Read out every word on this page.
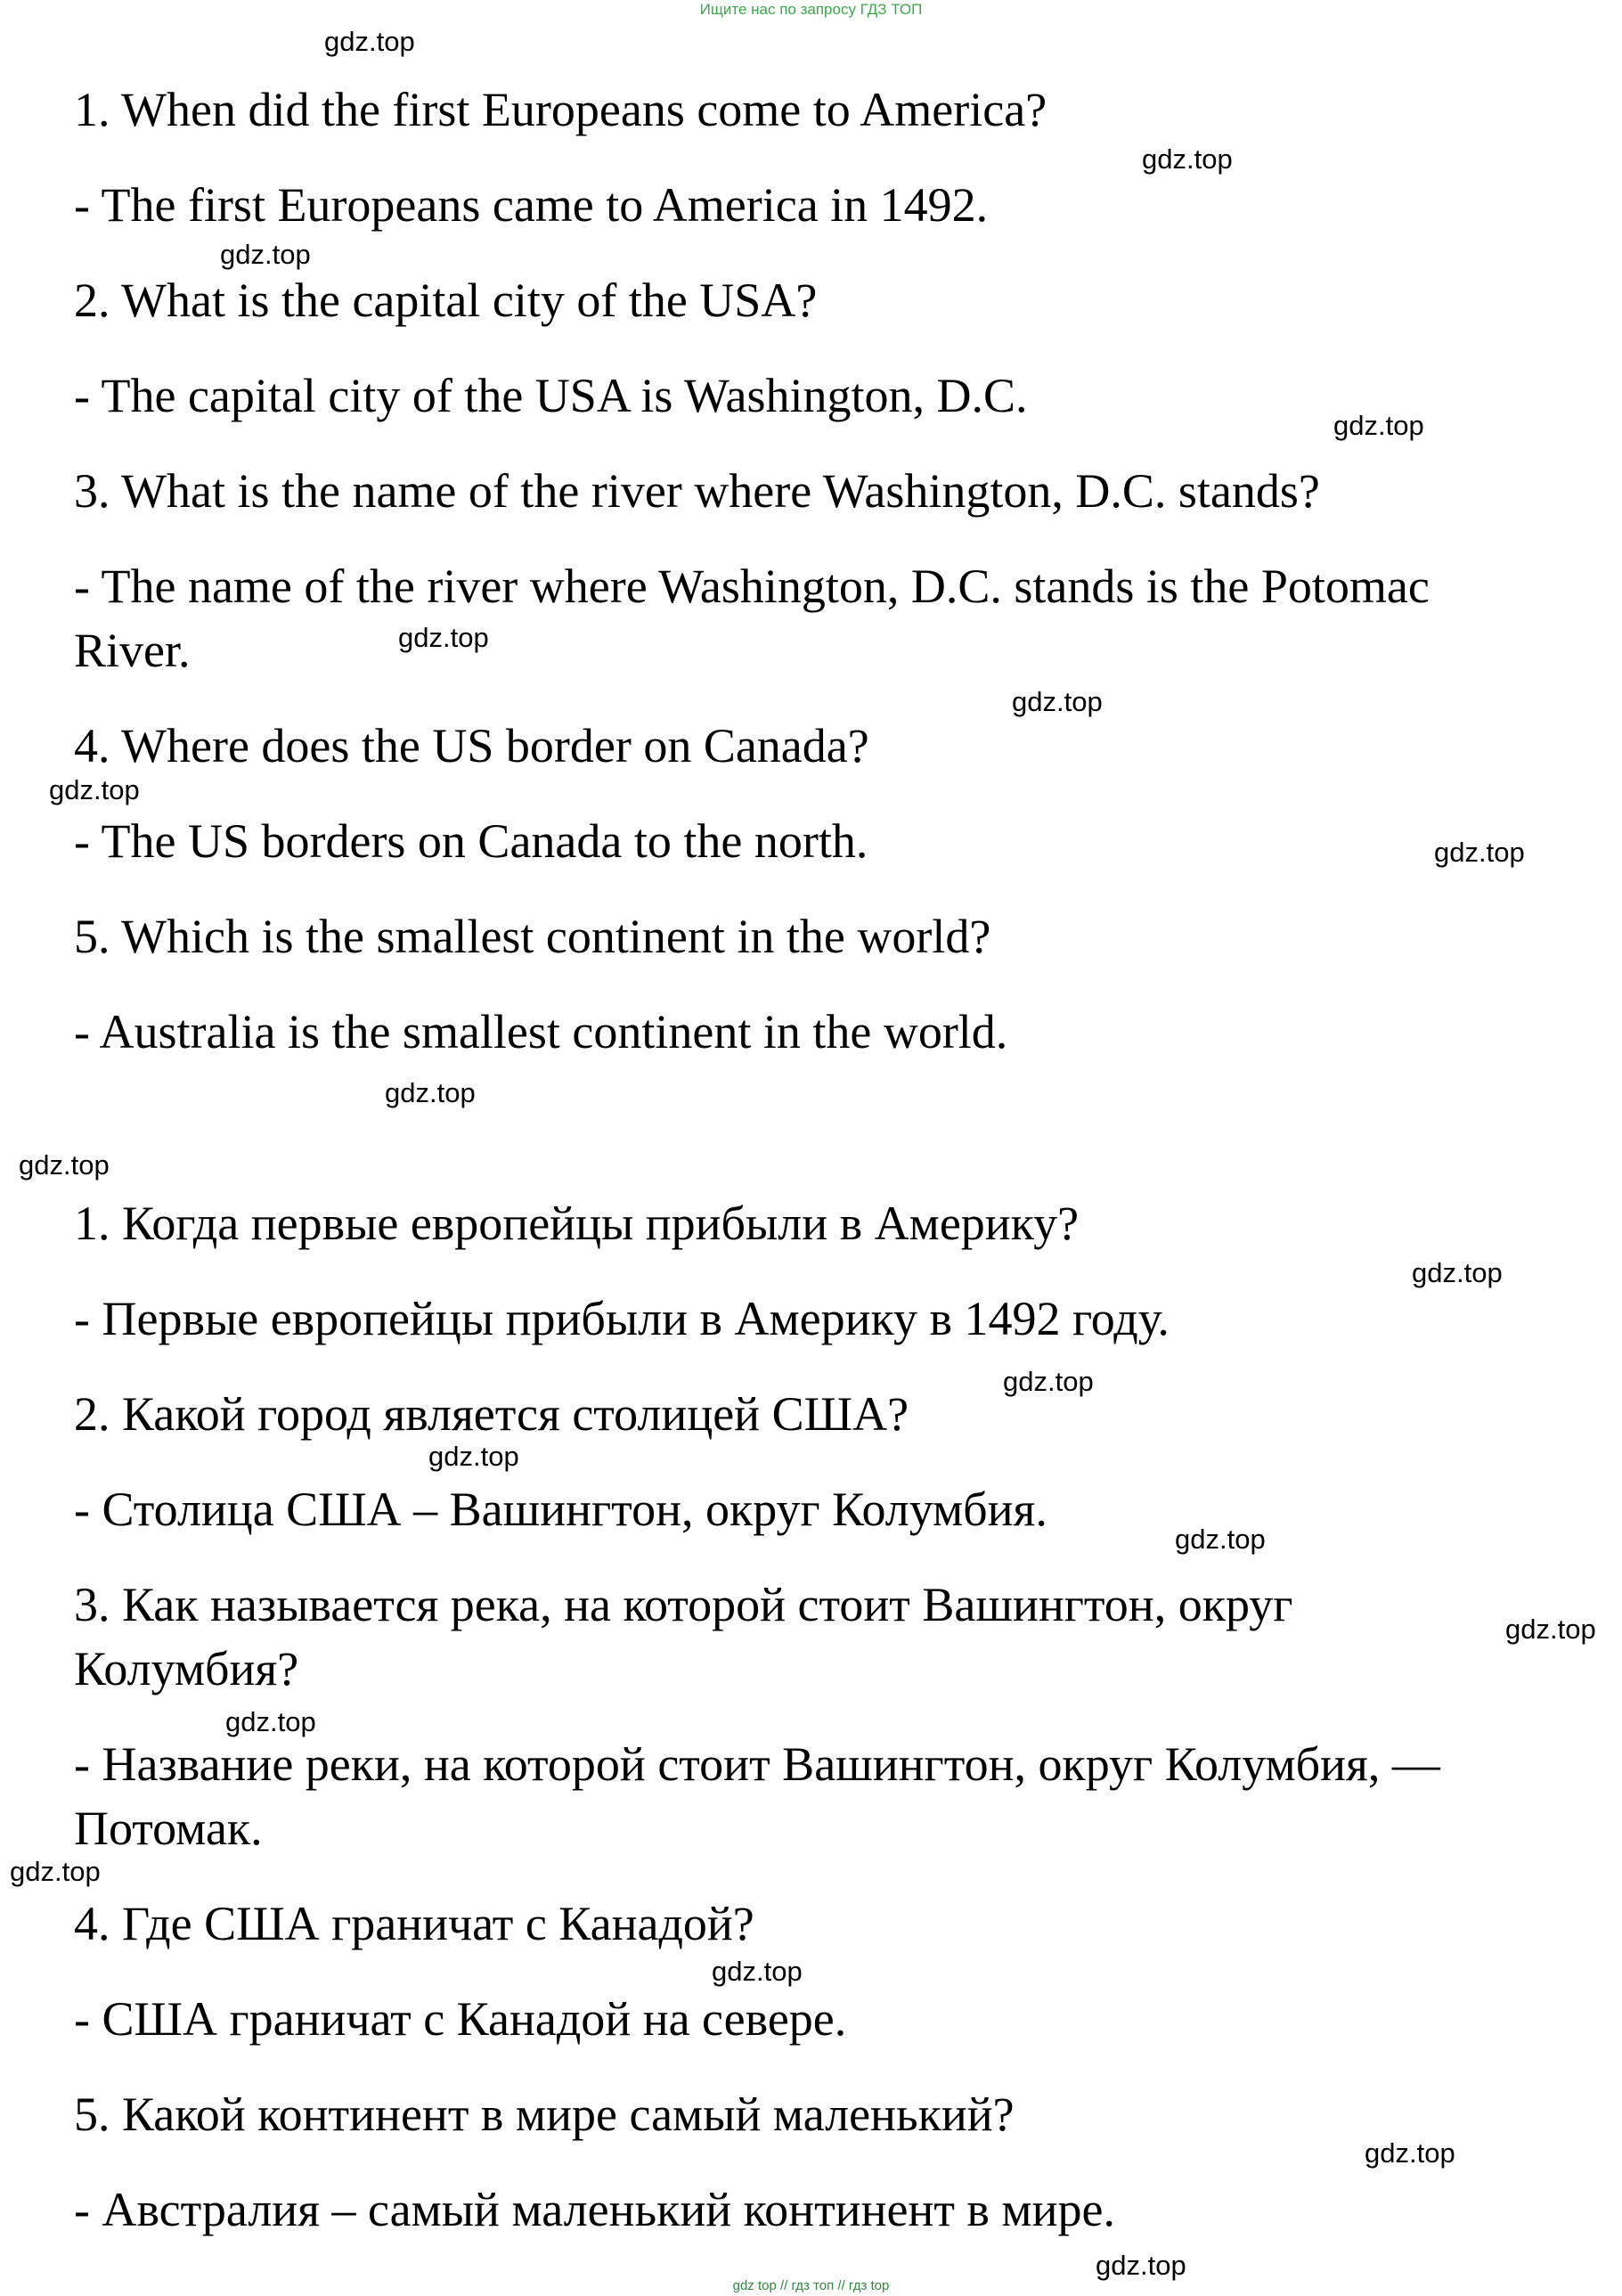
Ищите нас по запросу ГДЗ ТОП

1. When did the first Europeans come to America?

- The first Europeans came to America in 1492.

2. What is the capital city of the USA?

- The capital city of the USA is Washington, D.C.

3. What is the name of the river where Washington, D.C. stands?

- The name of the river where Washington, D.C. stands is the Potomac

River.

4. Where does the US border on Canada?

- The US borders on Canada to the north.

5. Which is the smallest continent in the world?

- Australia is the smallest continent in the world.

1. Когда первые европейцы прибыли в Америку?

- Первые европейцы прибыли в Америку в 1492 году.

2. Какой город является столицей США?

- Столица США – Вашингтон, округ Колумбия.

3. Как называется река, на которой стоит Вашингтон, округ

Колумбия?

- Название реки, на которой стоит Вашингтон, округ Колумбия, —

Потомак.

4. Где США граничат с Канадой?

- США граничат с Канадой на севере.

5. Какой континент в мире самый маленький?

- Австралия – самый маленький континент в мире.

gdz.top
gdz.top
gdz.top
gdz.top
gdz.top
gdz.top
gdz.top
gdz.top
gdz.top
gdz.top
gdz.top
gdz.top
gdz.top
gdz.top
gdz.top
gdz.top
gdz.top
gdz.top
gdz.top
gdz.top
gdz top // гдз топ // гдз top
